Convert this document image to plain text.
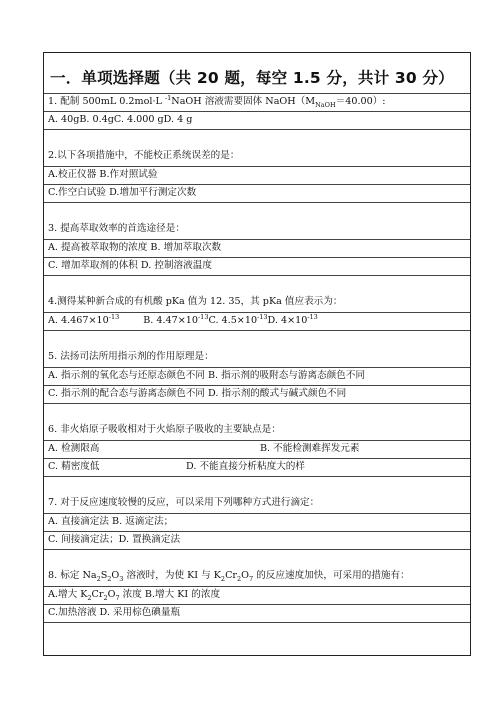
一．单项选择题（共 20 题，每空 1.5 分，共计 30 分）
1. 配制 500mL 0.2mol·L $^{-1}$NaOH 溶液需要固体 $NaOH(M_{NaOH}=40.00)$:
A. 40gB. 0.4gC. 4.000 gD. 4 g
2.以下各项措施中，不能校正系统误差的是：
A.校正仪器 B.作对照试验
C.作空白试验 D.增加平行测定次数
3. 提高萃取效率的首选途径是：
A. 提高被萃取物的浓度 B. 增加萃取次数
C. 增加萃取剂的体积 D. 控制溶液温度
4.测得某种新合成的有机酸 pKa 值为 12. 35，其 pKa 值应表示为：
A. $4.467\times 10^{-13}$	B. $4.47\times 10^{-13}C$. $4.5\times 10^{-13}D$. $4\times 10^{-13}$
5. 法扬司法所用指示剂的作用原理是：
A. 指示剂的氧化态与还原态颜色不同 B. 指示剂的吸附态与游离态颜色不同
C. 指示剂的配合态与游离态颜色不同 D. 指示剂的酸式与碱式颜色不同
6. 非火焰原子吸收相对于火焰原子吸收的主要缺点是：
A. 检测限高	B. 不能检测难挥发元素
C. 精密度低	D. 不能直接分析粘度大的样
7. 对于反应速度较慢的反应，可以采用下列哪种方式进行滴定：
A. 直接滴定法 B. 返滴定法；
C. 间接滴定法；D. 置换滴定法
8. 标定 $Na_2S_2O_3$ 溶液时，为使 KI 与 $K_2Cr_2O_7$ 的反应速度加快，可采用的措施有：
A.增大 $K_2Cr_2O_7$ 浓度 B.增大 KI 的浓度
C.加热溶液 D. 采用棕色碘量瓶
